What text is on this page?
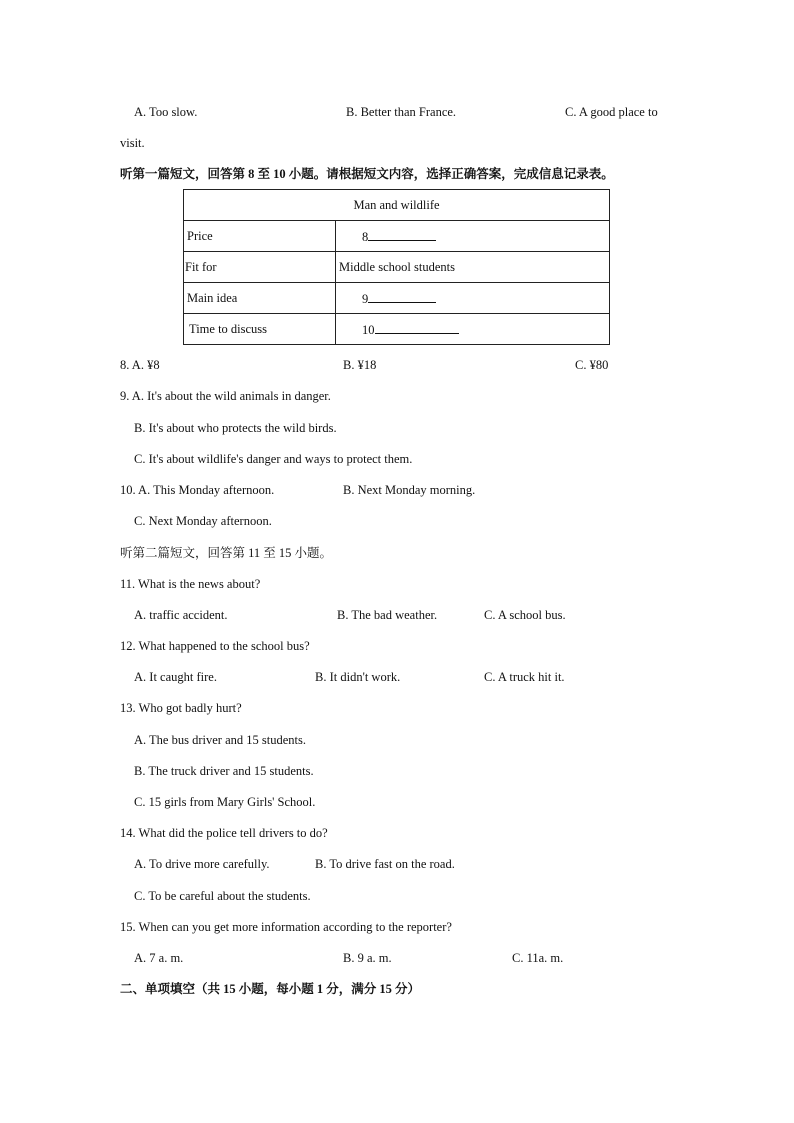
A. Too slow.	B. Better than France.	C. A good place to
visit.
听第一篇短文，回答第 8 至 10 小题。请根据短文内容，选择正确答案，完成信息记录表。
Man and wildlife	
Price	8
Fit for	Middle school students
Main idea	9
Time to discuss	10
8. A. ¥8	B. ¥18	C. ¥80
9. A. It's about the wild animals in danger.
B. It's about who protects the wild birds.
C. It's about wildlife's danger and ways to protect them.
10. A. This Monday afternoon.	B. Next Monday morning.
C. Next Monday afternoon.
听第二篇短文，回答第 11 至 15 小题。
11. What is the news about?
A. traffic accident.	B. The bad weather.	C. A school bus.
12. What happened to the school bus?
A. It caught fire.	B. It didn't work.	C. A truck hit it.
13. Who got badly hurt?
A. The bus driver and 15 students.
B. The truck driver and 15 students.
C. 15 girls from Mary Girls' School.
14. What did the police tell drivers to do?
A. To drive more carefully.	B. To drive fast on the road.
C. To be careful about the students.
15. When can you get more information according to the reporter?
A. 7 a. m.	B. 9 a. m.	C. 11a. m.
二、单项填空（共 15 小题，每小题 1 分，满分 15 分）
